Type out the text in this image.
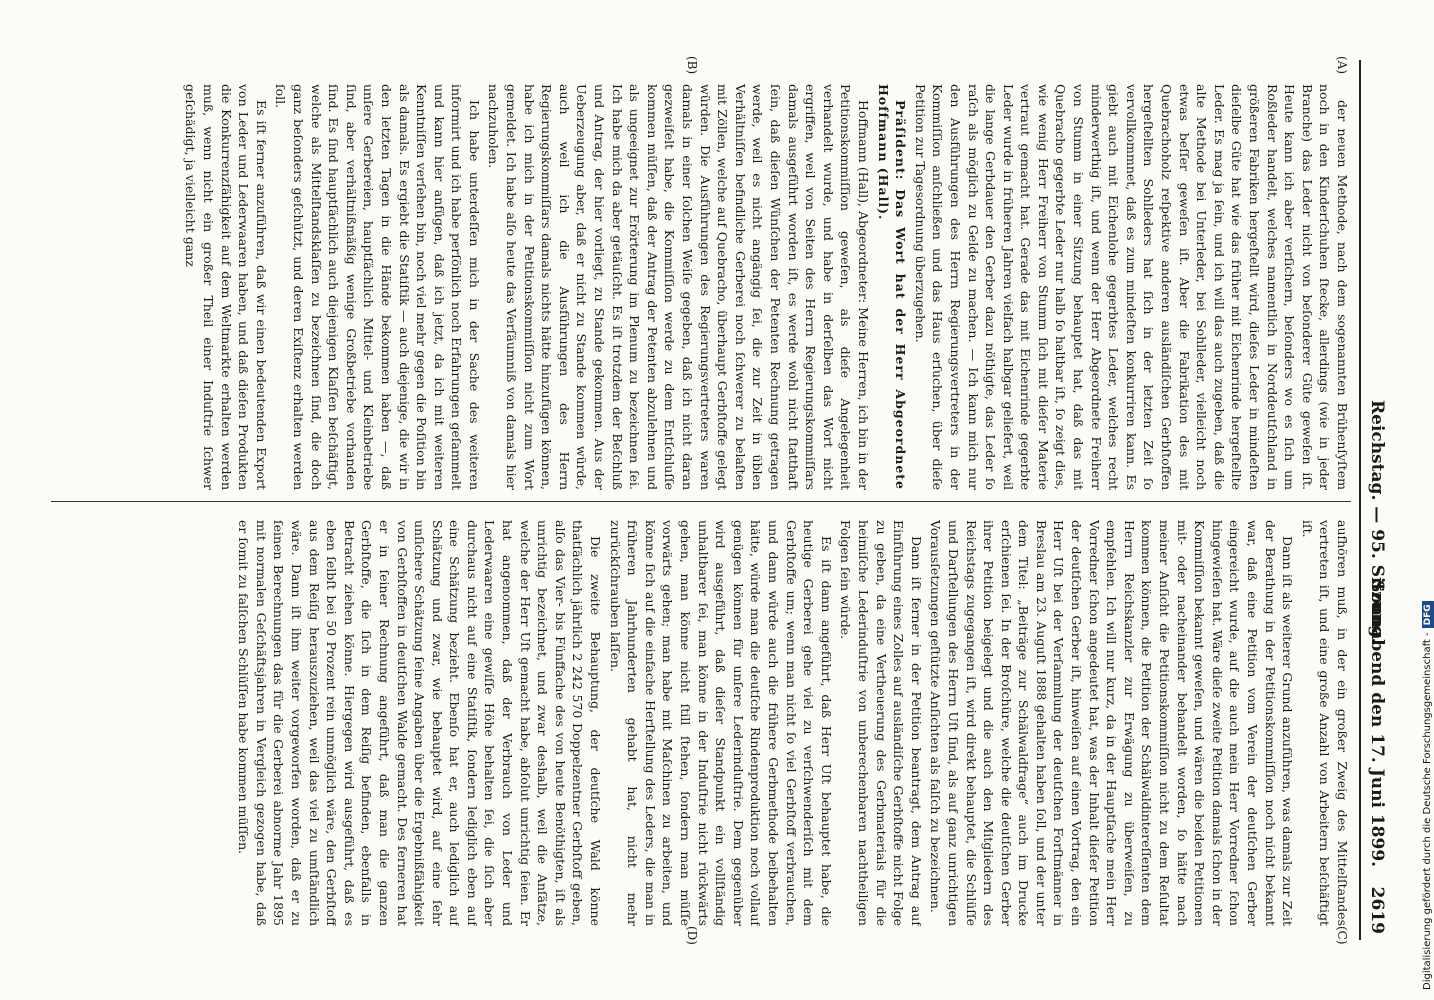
Reichstag. — 95. Sitzung.
Sonnabend den 17. Juni 1899.
2619
(A)
(B)
(C)
(D)

der neuen Methode, nach dem sogenannten Brühenſyſtem noch in den Kinderſchuhen ſtecke, allerdings (wie in jeder Branche) das Leder nicht von beſonderer Güte geweſen iſt. Heute kann ich aber verſichern, beſonders wo es ſich um Roßleder handelt, welches namentlich in Norddeutſchland in größeren Fabriken hergeſtellt wird, dieſes Leder in mindeſten dieſelbe Güte hat wie das früher mit Eichenrinde hergeſtellte Leder. Es mag ja ſein, und ich will das auch zugeben, daß die alte Methode bei Unterleder, bei Sohlleder, vielleicht noch etwas beſſer geweſen iſt. Aber die Fabrikation des mit Quebrachoholz reſpektive anderen ausländiſchen Gerbſtoffen hergeſtellten Sohlleders hat ſich in der letzten Zeit ſo vervollkommnet, daß es zum mindeſten konkurriren kann. Es giebt auch mit Eichenlohe gegerbtes Leder, welches recht minderwerthig iſt, und wenn der Herr Abgeordnete Freiherr von Stumm in einer Sitzung behauptet hat, daß das mit Quebracho gegerbte Leder nur halb ſo haltbar iſt, ſo zeigt dies, wie wenig Herr Freiherr von Stumm ſich mit dieſer Materie vertraut gemacht hat. Gerade das mit Eichenrinde gegerbte Leder wurde in früheren Jahren vielfach halbgar geliefert, weil die lange Gerbdauer den Gerber dazu nöthigte, das Leder ſo raſch als möglich zu Gelde zu machen. — Ich kann mich nur den Ausführungen des Herrn Regierungsvertreters in der Kommiſſion anſchließen und das Haus erſuchen, über dieſe Petition zur Tagesordnung überzugehen.

Präſident: Das Wort hat der Herr Abgeordnete Hoffmann (Hall).

Hoffmann (Hall), Abgeordneter: Meine Herren, ich bin in der Petitionskommiſſion geweſen, als dieſe Angelegenheit verhandelt wurde, und habe in derſelben das Wort nicht ergriffen, weil von Seiten des Herrn Regierungskommiſſars damals ausgeführt worden iſt, es werde wohl nicht ſtatthaft ſein, daß dieſen Wünſchen der Petenten Rechnung getragen werde, weil es nicht angängig ſei, die zur Zeit in üblen Verhältniſſen befindliche Gerberei noch ſchwerer zu belaſten mit Zöllen, welche auf Quebracho, überhaupt Gerbſtoffe gelegt würden. Die Ausführungen des Regierungsvertreters waren damals in einer ſolchen Weiſe gegeben, daß ich nicht daran gezweifelt habe, die Kommiſſion werde zu dem Entſchluſſe kommen müſſen, daß der Antrag der Petenten abzulehnen und als ungeeignet zur Erörterung im Plenum zu bezeichnen ſei. Ich habe mich da aber getäuſcht. Es iſt trotzdem der Beſchluß und Antrag, der hier vorliegt, zu Stande gekommen. Aus der Ueberzeugung aber, daß er nicht zu Stande kommen würde, auch weil ich die Ausführungen des Herrn Regierungskommiſſars damals nichts hätte hinzufügen können, habe ich mich in der Petitionskommiſſion nicht zum Wort gemeldet. Ich habe alſo heute das Verſäumniß von damals hier nachzuholen.

Ich habe unterdeſſen mich in der Sache des weiteren informirt und ich habe perſönlich noch Erfahrungen geſammelt und kann hier anfügen, daß ich jetzt, da ich mit weiteren Kenntniſſen verſehen bin, noch viel mehr gegen die Poſition bin als damals. Es ergiebt die Statiſtik — auch diejenige, die wir in den letzten Tagen in die Hände bekommen haben —, daß unſere Gerbereien, hauptſächlich Mittel- und Kleinbetriebe ſind, aber verhältnißmäßig wenige Großbetriebe vorhanden ſind. Es ſind hauptſächlich auch diejenigen Klaſſen beſchäftigt, welche als Mittelſtandsklaſſen zu bezeichnen ſind, die doch ganz beſonders geſchützt, und deren Exiſtenz erhalten werden ſoll.

Es iſt ferner anzuführen, daß wir einen bedeutenden Export von Leder und Lederwaaren haben, und daß dieſen Produkten die Konkurrenzfähigkeit auf dem Weltmarkte erhalten werden muß, wenn nicht ein großer Theil einer Induſtrie ſchwer geſchädigt, ja vielleicht ganz

aufhören muß, in der ein großer Zweig des Mittelſtandes vertreten iſt, und eine große Anzahl von Arbeitern beſchäftigt iſt.

Dann iſt als weiterer Grund anzuführen, was damals zur Zeit der Berathung in der Petitionskommiſſion noch nicht bekannt war, daß eine Petition vom Verein der deutſchen Gerber eingereicht wurde, auf die auch mein Herr Vorredner ſchon hingewieſen hat. Wäre dieſe zweite Petition damals ſchon in der Kommiſſion bekannt geweſen, und wären die beiden Petitionen mit- oder nacheinander behandelt worden, ſo hätte nach meiner Anſicht die Petitionskommiſſion nicht zu dem Reſultat kommen können, die Petition der Schälwaldintereſſenten dem Herrn Reichskanzler zur Erwägung zu überweiſen, zu empfehlen. Ich will nur kurz, da in der Hauptſache mein Herr Vorredner ſchon angedeutet hat, was der Inhalt dieſer Petition der deutſchen Gerber iſt, hinweiſen auf einen Vortrag, den ein Herr Uſt bei der Verſammlung der deutſchen Forſtmänner in Breslau am 23. Auguſt 1888 gehalten haben ſoll, und der unter dem Titel: „Beiträge zur Schälwaldfrage“ auch im Drucke erſchienen ſei. In der Broſchüre, welche die deutſchen Gerber ihrer Petition beigelegt und die auch den Mitgliedern des Reichstags zugegangen iſt, wird direkt behauptet, die Schlüſſe und Darſtellungen des Herrn Uſt ſind, als auf ganz unrichtigen Vorausſetzungen geſtützte Anſichten als falſch zu bezeichnen.

Dann iſt ferner in der Petition beantragt, dem Antrag auf Einführung eines Zolles auf ausländiſche Gerbſtoffe nicht Folge zu geben, da eine Vertheuerung des Gerbmaterials für die heimiſche Lederinduſtrie von unberechenbaren nachtheiligen Folgen ſein würde.

Es iſt dann angeführt, daß Herr Uſt behauptet habe, die heutige Gerberei gehe viel zu verſchwenderiſch mit dem Gerbſtoffe um; wenn man nicht ſo viel Gerbſtoff verbrauchen, und dann würde auch die frühere Gerbmethode beibehalten hätte, würde man die deutſche Rindenproduktion noch vollauf genügen können für unſere Lederinduſtrie. Dem gegenüber wird ausgeführt, daß dieſer Standpunkt ein vollſtändig unhaltbarer ſei, man könne in der Induſtrie nicht rückwärts gehen, man könne nicht ſtill ſtehen, ſondern man müſſe vorwärts gehen; man habe mit Maſchinen zu arbeiten, und könne ſich auf die einfache Herſtellung des Leders, die man in früheren Jahrhunderten gehabt hat, nicht mehr zurückſchrauben laſſen.

Die zweite Behauptung, der deutſche Wald könne thatſächlich jährlich 2 242 570 Doppelzentner Gerbſtoff geben, alſo das Vier- bis Fünffache des von heute Benöthigten, iſt als unrichtig bezeichnet, und zwar deshalb, weil die Anſätze, welche der Herr Uſt gemacht habe, abſolut unrichtig ſeien. Er hat angenommen, daß der Verbrauch von Leder und Lederwaaren eine gewiſſe Höhe behalten ſei, die ſich aber durchaus nicht auf eine Statiſtik, ſondern lediglich eben auf eine Schätzung bezieht. Ebenſo hat er, auch lediglich auf Schätzung und zwar, wie behauptet wird, auf eine ſehr unſichere Schätzung ſeine Angaben über die Ergebnißfähigkeit von Gerbſtoffen in deutſchen Walde gemacht. Des ferneren hat er in ſeiner Rechnung angeführt, daß man die ganzen Gerbſtoffe, die ſich in dem Reiſig befinden, ebenfalls in Betracht ziehen könne. Hiergegen wird ausgeführt, daß es eben ſelbſt bei 50 Prozent rein unmöglich wäre, den Gerbſtoff aus dem Reiſig herauszuziehen, weil das viel zu umſtändlich wäre. Dann iſt ihm weiter vorgeworfen worden, daß er zu ſeinen Berechnungen das für die Gerberei abnorme Jahr 1895 mit normalen Geſchäftsjahren in Vergleich gezogen habe, daß er ſomit zu falſchen Schlüſſen habe kommen müſſen.	Digitalisierung gefördert durch die Deutsche Forschungsgemeinschaft -DFG
